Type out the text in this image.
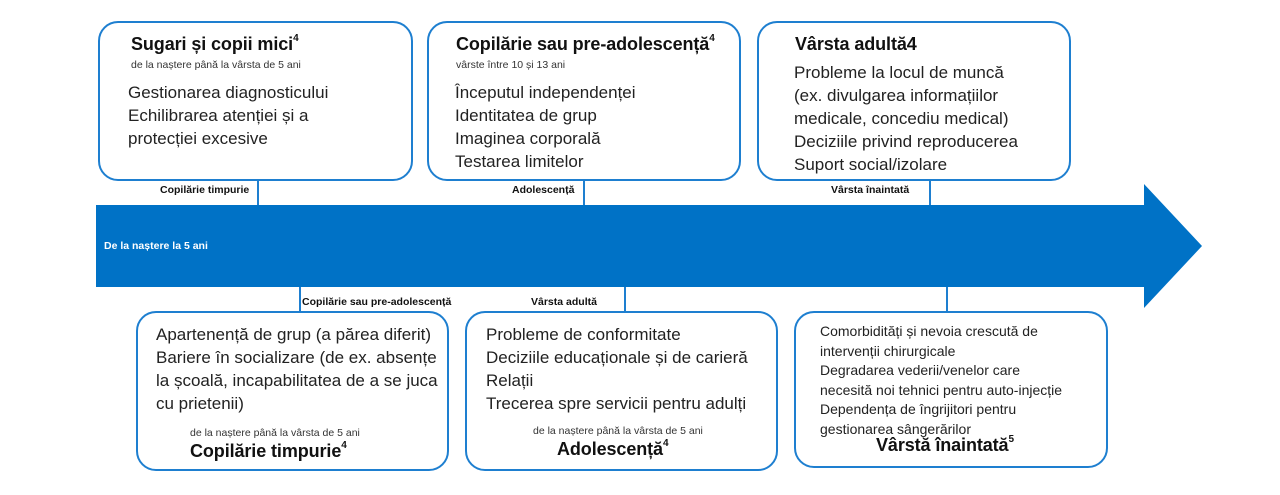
De la naștere la 5 ani
Copilărie timpurie	Adolescență	Vârsta înaintată
Sugari și copii mici$^4$
de la naștere până la vârsta de 5 ani
Gestionarea diagnosticului
Echilibrarea atenției și a
protecției excesive
Copilărie sau pre-adolescență$^4$
vârste între 10 și 13 ani
Începutul independenței
Identitatea de grup
Imaginea corporală
Testarea limitelor
Vârsta adultă4
Probleme la locul de muncă
(ex. divulgarea informațiilor
medicale, concediu medical)
Deciziile privind reproducerea
Suport social/izolare
Copilărie sau pre-adolescență	Vârsta adultă
Apartenență de grup (a părea diferit)
Bariere în socializare (de ex. absențe
la școală, incapabilitatea de a se juca
cu prietenii)
de la naștere până la vârsta de 5 ani
Copilărie timpurie$^4$
Probleme de conformitate
Deciziile educaționale și de carieră
Relații
Trecerea spre servicii pentru adulți
de la naștere până la vârsta de 5 ani
Adolescență$^4$
Comorbidități și nevoia crescută de
intervenții chirurgicale
Degradarea vederii/venelor care
necesită noi tehnici pentru auto-injecție
Dependența de îngrijitori pentru
gestionarea sângerărilor
Vârstă înaintată$^5$
